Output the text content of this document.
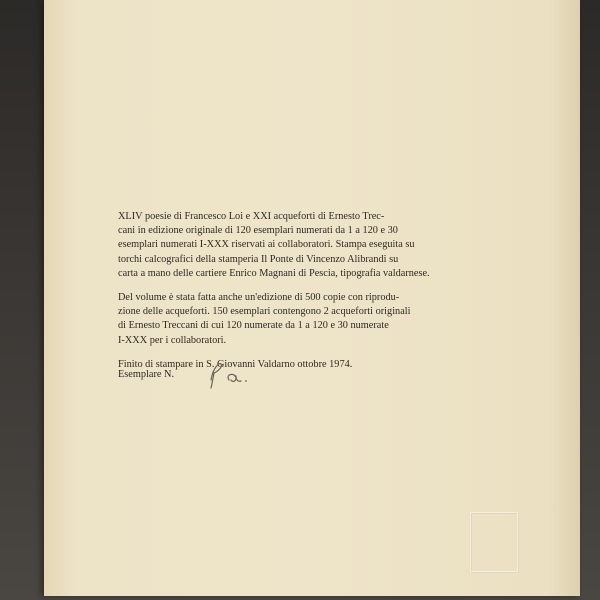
XLIV poesie di Francesco Loi e XXI acqueforti di Ernesto Trec-
cani in edizione originale di 120 esemplari numerati da 1 a 120 e 30
esemplari numerati I-XXX riservati ai collaboratori. Stampa eseguita su
torchi calcografici della stamperia Il Ponte di Vincenzo Alibrandi su
carta a mano delle cartiere Enrico Magnani di Pescia, tipografia valdarnese.

Del volume è stata fatta anche un'edizione di 500 copie con riprodu-
zione delle acqueforti. 150 esemplari contengono 2 acqueforti originali
di Ernesto Treccani di cui 120 numerate da 1 a 120 e 30 numerate
I-XXX per i collaboratori.

Finito di stampare in S. Giovanni Valdarno ottobre 1974.

Esemplare N.
